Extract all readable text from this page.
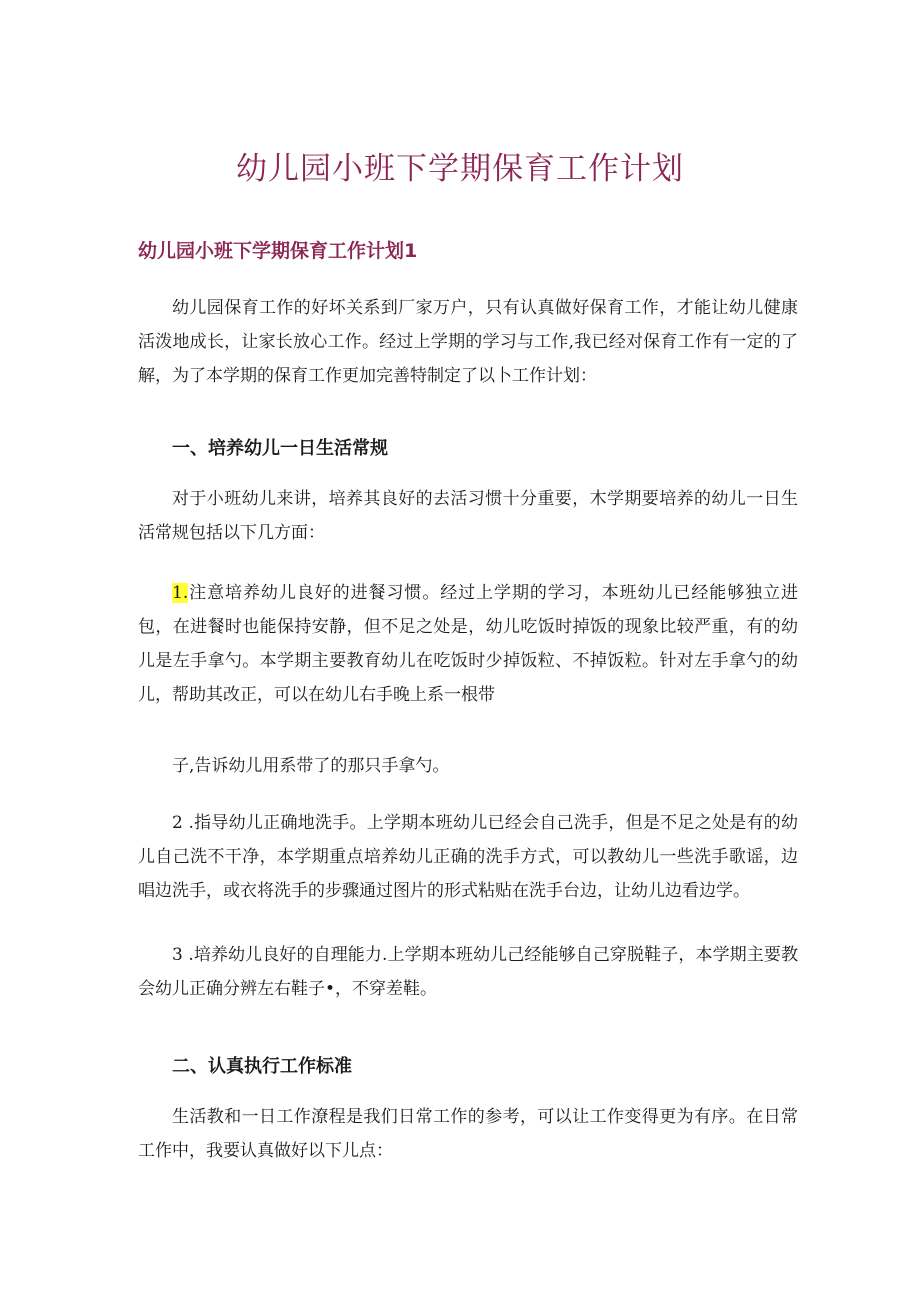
幼儿园小班下学期保育工作计划
幼儿园小班下学期保育工作计划1

幼儿园保育工作的好坏关系到厂家万户，只有认真做好保育工作，才能让幼儿健康活泼地成长，让家长放心工作。经过上学期的学习与工作,我已经对保育工作有一定的了解，为了本学期的保育工作更加完善特制定了以卜工作计划：

一、培养幼儿一日生活常规

对于小班幼儿来讲，培养其良好的去活习惯十分重要，木学期要培养的幼儿一日生活常规包括以下几方面：

1.注意培养幼儿良好的进餐习惯。经过上学期的学习，本班幼儿已经能够独立进包，在进餐时也能保持安静，但不足之处是，幼儿吃饭时掉饭的现象比较严重，有的幼儿是左手拿勺。本学期主要教育幼儿在吃饭时少掉饭粒、不掉饭粒。针对左手拿勺的幼儿，帮助其改正，可以在幼儿右手晚上系一根带

子,告诉幼儿用系带了的那只手拿勺。

2 .指导幼儿正确地洗手。上学期本班幼儿已经会自己洗手，但是不足之处是有的幼儿自己洗不干净，本学期重点培养幼儿正确的洗手方式，可以教幼儿一些洗手歌谣，边唱边洗手，或衣将洗手的步骤通过图片的形式粘贴在洗手台边，让幼儿边看边学。

3 .培养幼儿良好的自理能力.上学期本班幼儿己经能够自己穿脱鞋子，本学期主要教会幼儿正确分辨左右鞋子•，不穿差鞋。

二、认真执行工作标准

生活教和一日工作潦程是我们日常工作的参考，可以让工作变得更为有序。在日常工作中，我要认真做好以下儿点：
